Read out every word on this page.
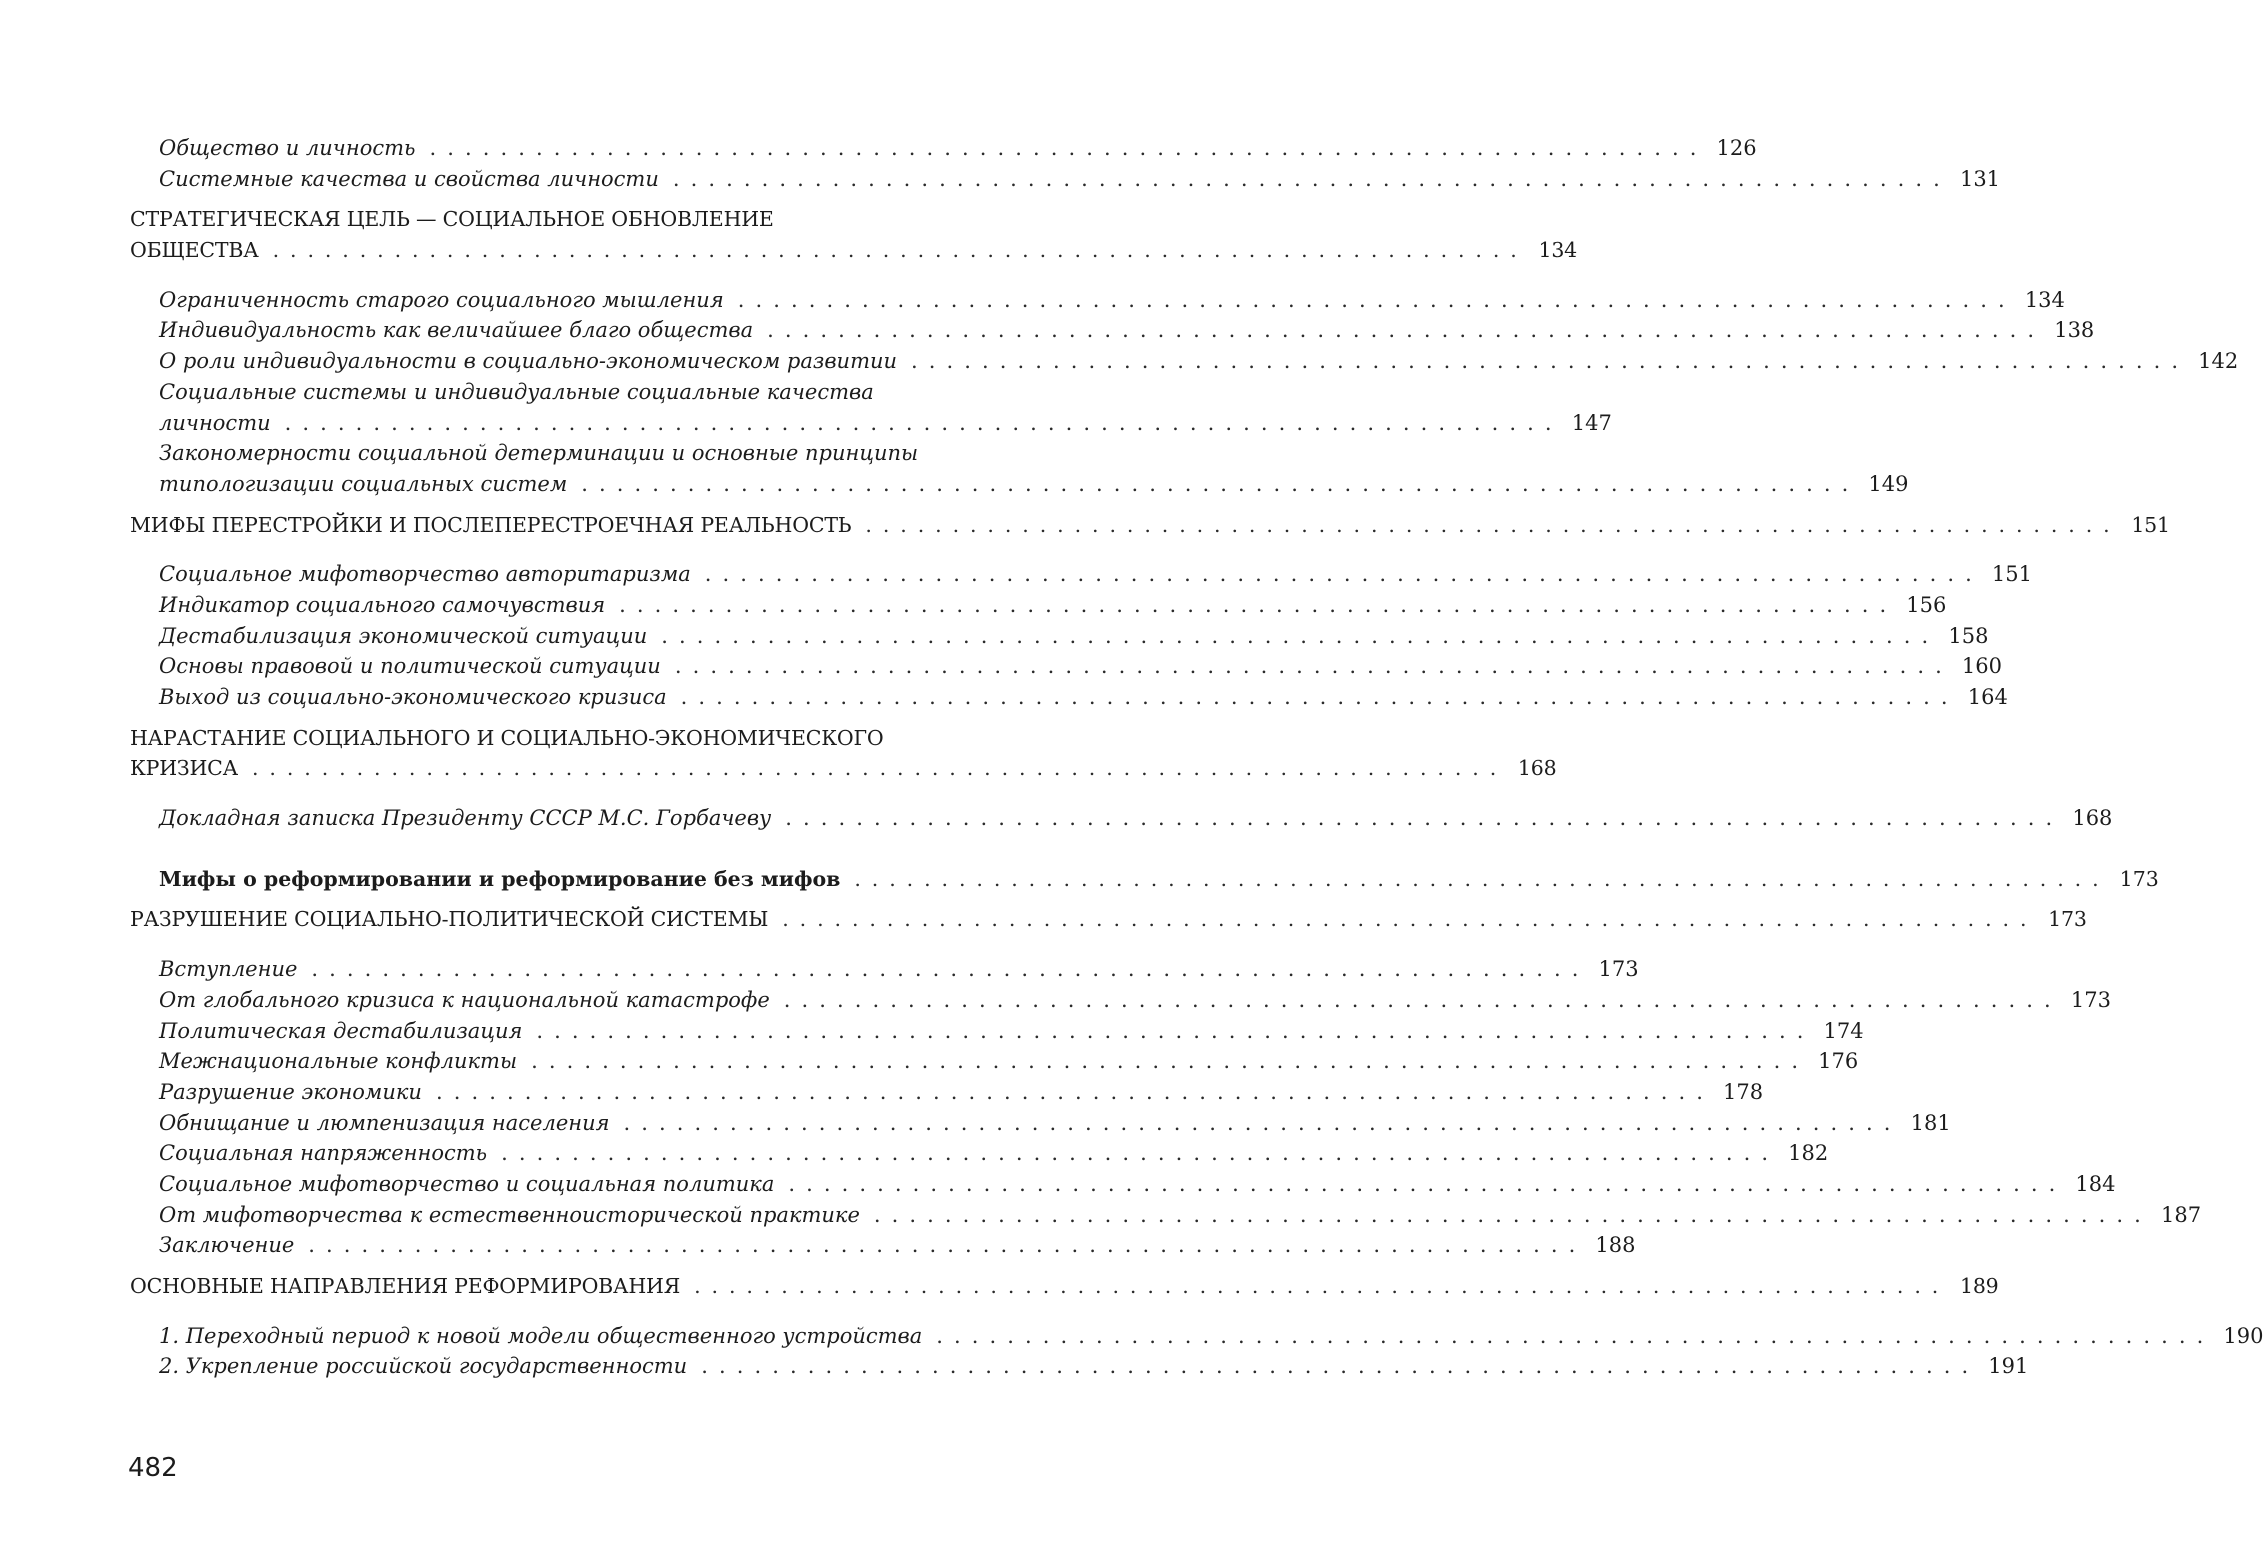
Общество и личность . . .	126
Системные качества и свойства личности . . .	131
СТРАТЕГИЧЕСКАЯ ЦЕЛЬ — СОЦИАЛЬНОЕ ОБНОВЛЕНИЕ
ОБЩЕСТВА . . .	134
Ограниченность старого социального мышления . . .	134
Индивидуальность как величайшее благо общества . . .	138
О роли индивидуальности в социально-экономическом развитии . . .	142
Социальные системы и индивидуальные социальные качества
личности . . .	147
Закономерности социальной детерминации и основные принципы
типологизации социальных систем . . .	149
МИФЫ ПЕРЕСТРОЙКИ И ПОСЛЕПЕРЕСТРОЕЧНАЯ РЕАЛЬНОСТЬ . . .	151
Социальное мифотворчество авторитаризма . . .	151
Индикатор социального самочувствия . . .	156
Дестабилизация экономической ситуации . . .	158
Основы правовой и политической ситуации . . .	160
Выход из социально-экономического кризиса . . .	164
НАРАСТАНИЕ СОЦИАЛЬНОГО И СОЦИАЛЬНО-ЭКОНОМИЧЕСКОГО
КРИЗИСА . . .	168
Докладная записка Президенту СССР М.С. Горбачеву . . .	168
Мифы о реформировании и реформирование без мифов . . .	173
РАЗРУШЕНИЕ СОЦИАЛЬНО-ПОЛИТИЧЕСКОЙ СИСТЕМЫ . . .	173
Вступление . . .	173
От глобального кризиса к национальной катастрофе . . .	173
Политическая дестабилизация . . .	174
Межнациональные конфликты . . .	176
Разрушение экономики . . .	178
Обнищание и люмпенизация населения . . .	181
Социальная напряженность . . .	182
Социальное мифотворчество и социальная политика . . .	184
От мифотворчества к естественноисторической практике . . .	187
Заключение . . .	188
ОСНОВНЫЕ НАПРАВЛЕНИЯ РЕФОРМИРОВАНИЯ . . .	189
1. Переходный период к новой модели общественного устройства . . .	190
2. Укрепление российской государственности . . .	191
482
